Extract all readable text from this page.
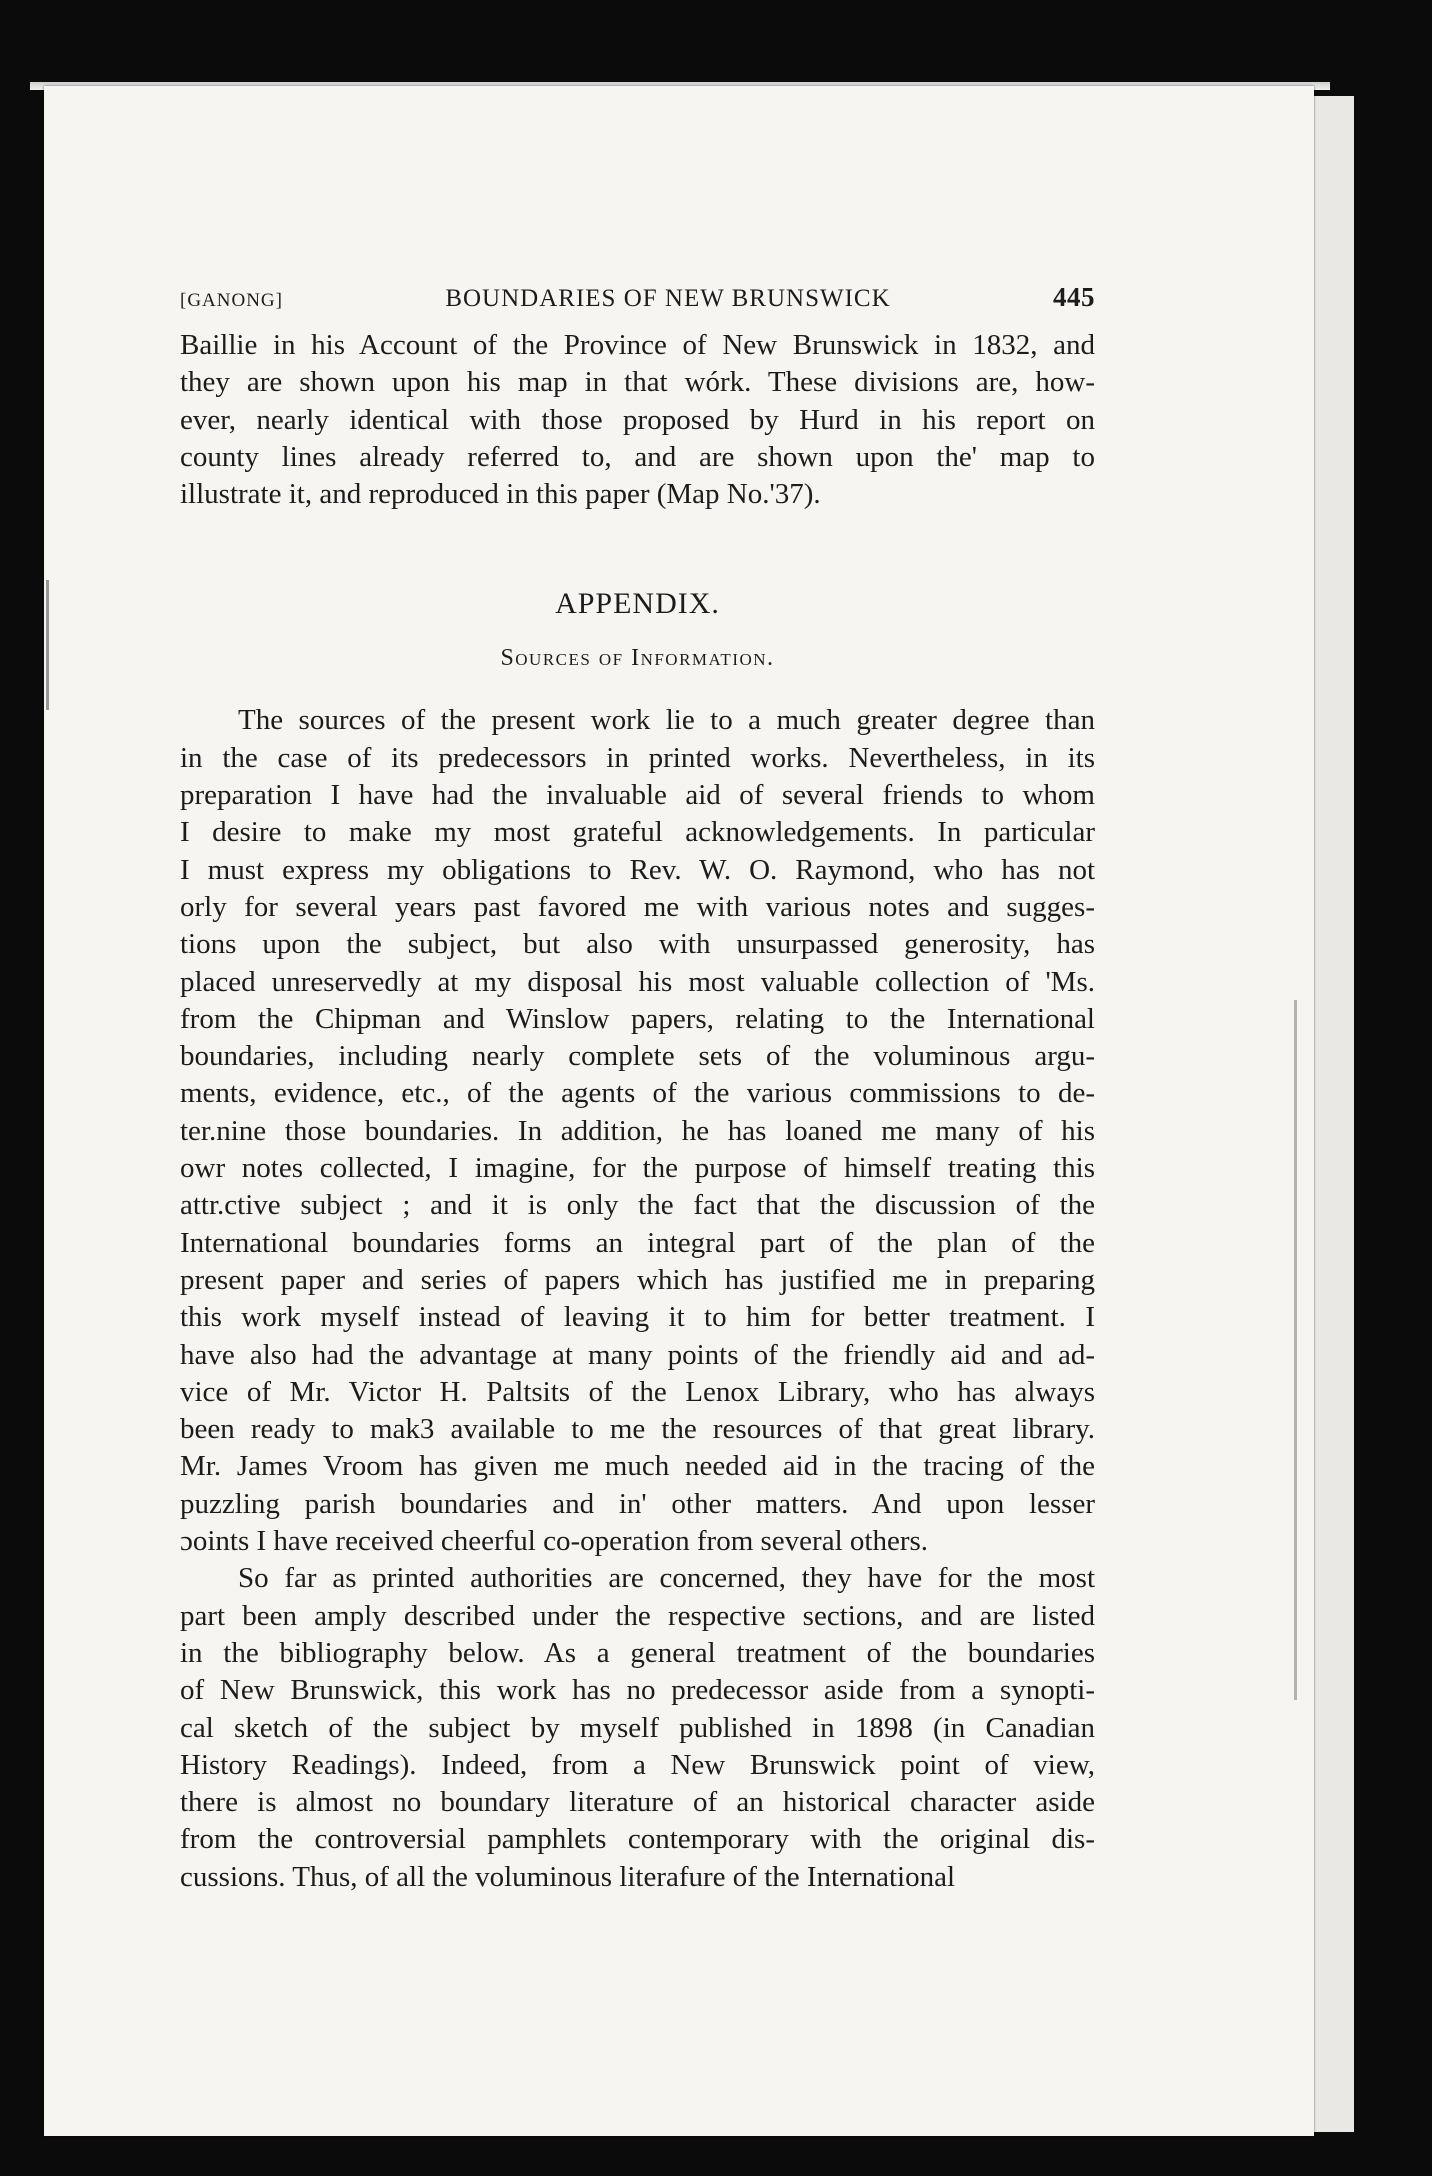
[GANONG]	BOUNDARIES OF NEW BRUNSWICK	445

Baillie in his Account of the Province of New Brunswick in 1832, and
they are shown upon his map in that wórk. These divisions are, how-
ever, nearly identical with those proposed by Hurd in his report on
county lines already referred to, and are shown upon the' map to
illustrate it, and reproduced in this paper (Map No.'37).

APPENDIX.
Sources of Information.

The sources of the present work lie to a much greater degree than
in the case of its predecessors in printed works. Nevertheless, in its
preparation I have had the invaluable aid of several friends to whom
I desire to make my most grateful acknowledgements. In particular
I must express my obligations to Rev. W. O. Raymond, who has not
orly for several years past favored me with various notes and sugges-
tions upon the subject, but also with unsurpassed generosity, has
placed unreservedly at my disposal his most valuable collection of 'Ms.
from the Chipman and Winslow papers, relating to the International
boundaries, including nearly complete sets of the voluminous argu-
ments, evidence, etc., of the agents of the various commissions to de-
ter.nine those boundaries. In addition, he has loaned me many of his
owr notes collected, I imagine, for the purpose of himself treating this
attr.ctive subject ; and it is only the fact that the discussion of the
International boundaries forms an integral part of the plan of the
present paper and series of papers which has justified me in preparing
this work myself instead of leaving it to him for better treatment. I
have also had the advantage at many points of the friendly aid and ad-
vice of Mr. Victor H. Paltsits of the Lenox Library, who has always
been ready to mak3 available to me the resources of that great library.
Mr. James Vroom has given me much needed aid in the tracing of the
puzzling parish boundaries and in' other matters. And upon lesser
ɔoints I have received cheerful co-operation from several others.

So far as printed authorities are concerned, they have for the most
part been amply described under the respective sections, and are listed
in the bibliography below. As a general treatment of the boundaries
of New Brunswick, this work has no predecessor aside from a synopti-
cal sketch of the subject by myself published in 1898 (in Canadian
History Readings). Indeed, from a New Brunswick point of view,
there is almost no boundary literature of an historical character aside
from the controversial pamphlets contemporary with the original dis-
cussions. Thus, of all the voluminous literafure of the International
